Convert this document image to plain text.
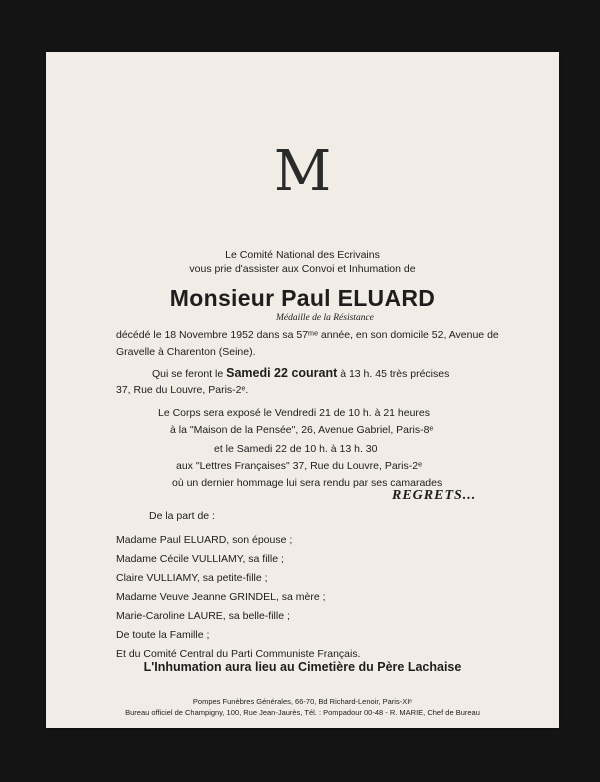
M
Le Comité National des Ecrivains
vous prie d'assister aux Convoi et Inhumation de
Monsieur Paul ELUARD
Médaille de la Résistance
décédé le 18 Novembre 1952 dans sa 57ᵐᵉ année, en son domicile 52, Avenue de
Gravelle à Charenton (Seine).
Qui se feront le Samedi 22 courant à 13 h. 45 très précises
37, Rue du Louvre, Paris-2ᵉ.
Le Corps sera exposé le Vendredi 21 de 10 h. à 21 heures
à la "Maison de la Pensée", 26, Avenue Gabriel, Paris-8ᵉ
et le Samedi 22 de 10 h. à 13 h. 30
aux "Lettres Françaises" 37, Rue du Louvre, Paris-2ᵉ
où un dernier hommage lui sera rendu par ses camarades
REGRETS...
De la part de :
Madame Paul ELUARD, son épouse ;
Madame Cécile VULLIAMY, sa fille ;
Claire VULLIAMY, sa petite-fille ;
Madame Veuve Jeanne GRINDEL, sa mère ;
Marie-Caroline LAURE, sa belle-fille ;
De toute la Famille ;
Et du Comité Central du Parti Communiste Français.
L'Inhumation aura lieu au Cimetière du Père Lachaise
Pompes Funèbres Générales, 66-70, Bd Richard-Lenoir, Paris-XIᵉ
Bureau officiel de Champigny, 100, Rue Jean-Jaurès, Tél. : Pompadour 00-48 - R. MARIE, Chef de Bureau
